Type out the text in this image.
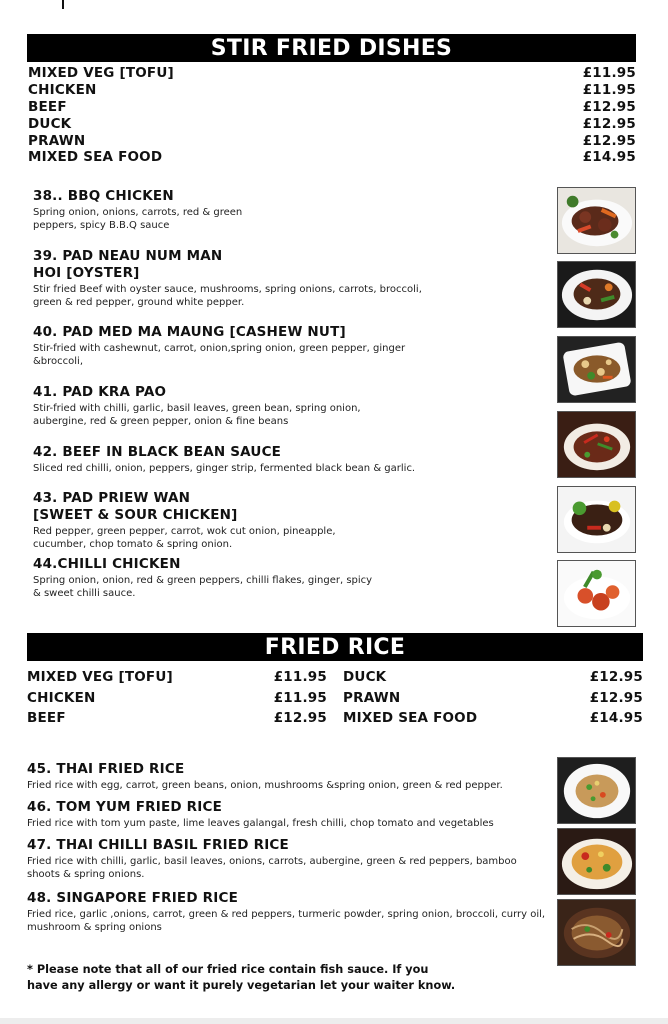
STIR FRIED DISHES
MIXED VEG [TOFU]	£11.95
CHICKEN	£11.95
BEEF	£12.95
DUCK	£12.95
PRAWN	£12.95
MIXED SEA FOOD	£14.95
38.. BBQ CHICKEN
Spring onion, onions, carrots, red & green
peppers, spicy B.B.Q sauce
39. PAD NEAU NUM MAN
HOI [OYSTER]
Stir fried Beef with oyster sauce, mushrooms, spring onions, carrots, broccoli,
green & red pepper, ground white pepper.
40. PAD MED MA MAUNG [CASHEW NUT]
Stir-fried with cashewnut, carrot, onion,spring onion, green pepper, ginger
&broccoli,
41. PAD KRA PAO
Stir-fried with chilli, garlic, basil leaves, green bean, spring onion,
aubergine, red & green pepper, onion & fine beans
42. BEEF IN BLACK BEAN SAUCE
Sliced red chilli, onion, peppers, ginger strip, fermented black bean & garlic.
43. PAD PRIEW WAN
[SWEET & SOUR CHICKEN]
Red pepper, green pepper, carrot, wok cut onion, pineapple,
cucumber, chop tomato & spring onion.
44.CHILLI CHICKEN
Spring onion, onion, red & green peppers, chilli flakes, ginger, spicy
& sweet chilli sauce.
FRIED RICE
MIXED VEG [TOFU]	£11.95
CHICKEN	£11.95
BEEF	£12.95
DUCK	£12.95
PRAWN	£12.95
MIXED SEA FOOD	£14.95
45. THAI FRIED RICE
Fried rice with egg, carrot, green beans, onion, mushrooms &spring onion, green & red pepper.
46. TOM YUM FRIED RICE
Fried rice with tom yum paste, lime leaves galangal, fresh chilli, chop tomato and vegetables
47. THAI CHILLI BASIL FRIED RICE
Fried rice with chilli, garlic, basil leaves, onions, carrots, aubergine, green & red peppers, bamboo
shoots & spring onions.
48. SINGAPORE FRIED RICE
Fried rice, garlic ,onions, carrot, green & red peppers, turmeric powder, spring onion, broccoli, curry oil,
mushroom & spring onions
* Please note that all of our fried rice contain fish sauce. If you
have any allergy or want it purely vegetarian let your waiter know.
